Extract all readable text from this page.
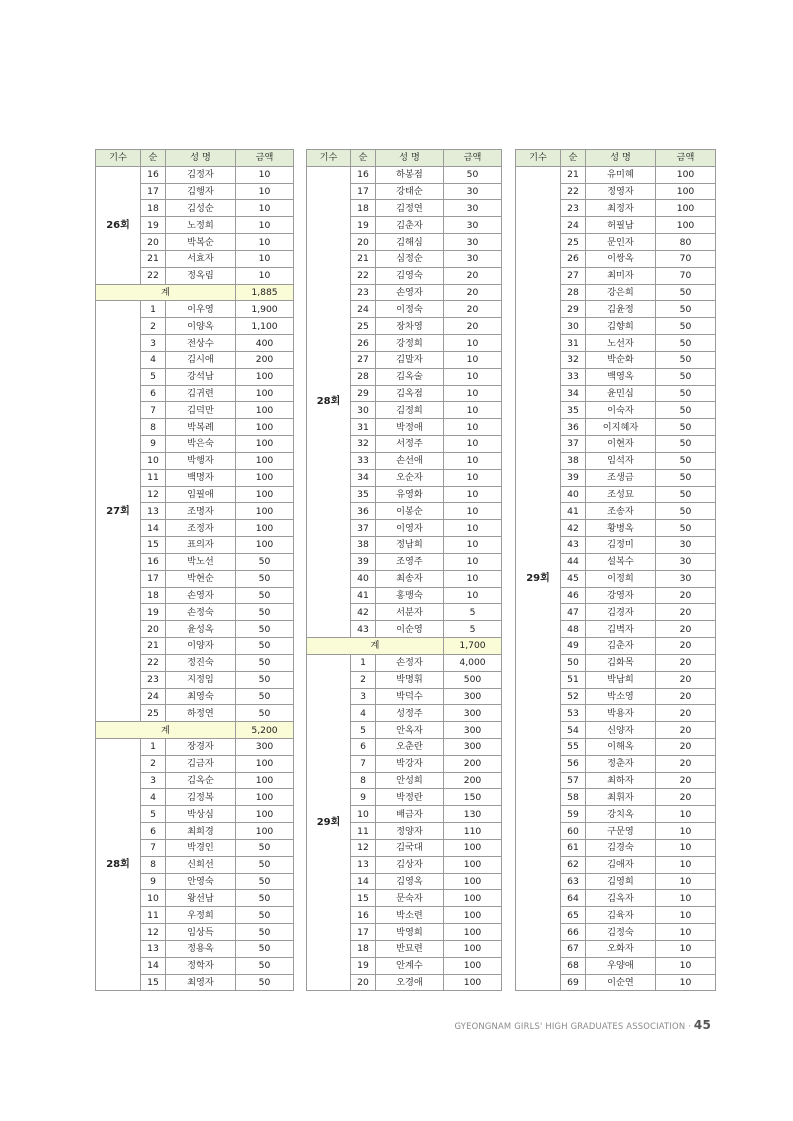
기수	순	성 명	금액
26회	16	김정자	10
	17	김행자	10
	18	김성순	10
	19	노정희	10
	20	박복순	10
	21	서효자	10
	22	정옥림	10
계			1,885
27회	1	이우영	1,900
	2	이양옥	1,100
	3	전상수	400
	4	김시애	200
	5	강석남	100
	6	김귀련	100
	7	김덕만	100
	8	박복례	100
	9	박은숙	100
	10	박행자	100
	11	백명자	100
	12	임필애	100
	13	조명자	100
	14	조정자	100
	15	표의자	100
	16	박노선	50
	17	박현순	50
	18	손영자	50
	19	손정숙	50
	20	윤성옥	50
	21	이양자	50
	22	정진숙	50
	23	지정임	50
	24	최영숙	50
	25	하정연	50
계			5,200
28회	1	장경자	300
	2	김금자	100
	3	김옥순	100
	4	김정복	100
	5	박상심	100
	6	최희경	100
	7	박경인	50
	8	신희선	50
	9	안영숙	50
	10	왕선남	50
	11	우정희	50
	12	임상득	50
	13	정용옥	50
	14	정학자	50
	15	최영자	50
기수	순	성 명	금액
28회	16	하봉점	50
	17	강태순	30
	18	김정연	30
	19	김춘자	30
	20	김해심	30
	21	심정순	30
	22	김영숙	20
	23	손영자	20
	24	이정숙	20
	25	장차영	20
	26	강정희	10
	27	김말자	10
	28	김옥술	10
	29	김옥점	10
	30	김정희	10
	31	박정애	10
	32	서정주	10
	33	손선애	10
	34	오순자	10
	35	유영화	10
	36	이봉순	10
	37	이영자	10
	38	정남희	10
	39	조영주	10
	40	최송자	10
	41	홍맹숙	10
	42	서분자	5
	43	이순영	5
계			1,700
29회	1	손정자	4,000
	2	박명휘	500
	3	박덕수	300
	4	성정주	300
	5	안옥자	300
	6	오춘란	300
	7	박강자	200
	8	안성희	200
	9	박정란	150
	10	배금자	130
	11	정양자	110
	12	김국대	100
	13	김상자	100
	14	김영옥	100
	15	문숙자	100
	16	박소련	100
	17	박영희	100
	18	반묘련	100
	19	안계수	100
	20	오경애	100
기수	순	성 명	금액
29회	21	유미혜	100
	22	정영자	100
	23	최정자	100
	24	허필남	100
	25	문인자	80
	26	이쌍옥	70
	27	최미자	70
	28	강은희	50
	29	김윤정	50
	30	김향희	50
	31	노선자	50
	32	박순화	50
	33	백영옥	50
	34	윤민심	50
	35	이숙자	50
	36	이지혜자	50
	37	이현자	50
	38	임석자	50
	39	조생금	50
	40	조성묘	50
	41	조송자	50
	42	황병옥	50
	43	김정미	30
	44	설복수	30
	45	이정희	30
	46	강영자	20
	47	김경자	20
	48	김벽자	20
	49	김춘자	20
	50	김화목	20
	51	박남희	20
	52	박소영	20
	53	박용자	20
	54	신양자	20
	55	이해옥	20
	56	정춘자	20
	57	최하자	20
	58	최휘자	20
	59	강치옥	10
	60	구문영	10
	61	김경숙	10
	62	김애자	10
	63	김영희	10
	64	김옥자	10
	65	김육자	10
	66	김정숙	10
	67	오화자	10
	68	우양애	10
	69	이순연	10
GYEONGNAM GIRLS' HIGH GRADUATES ASSOCIATION · 45
